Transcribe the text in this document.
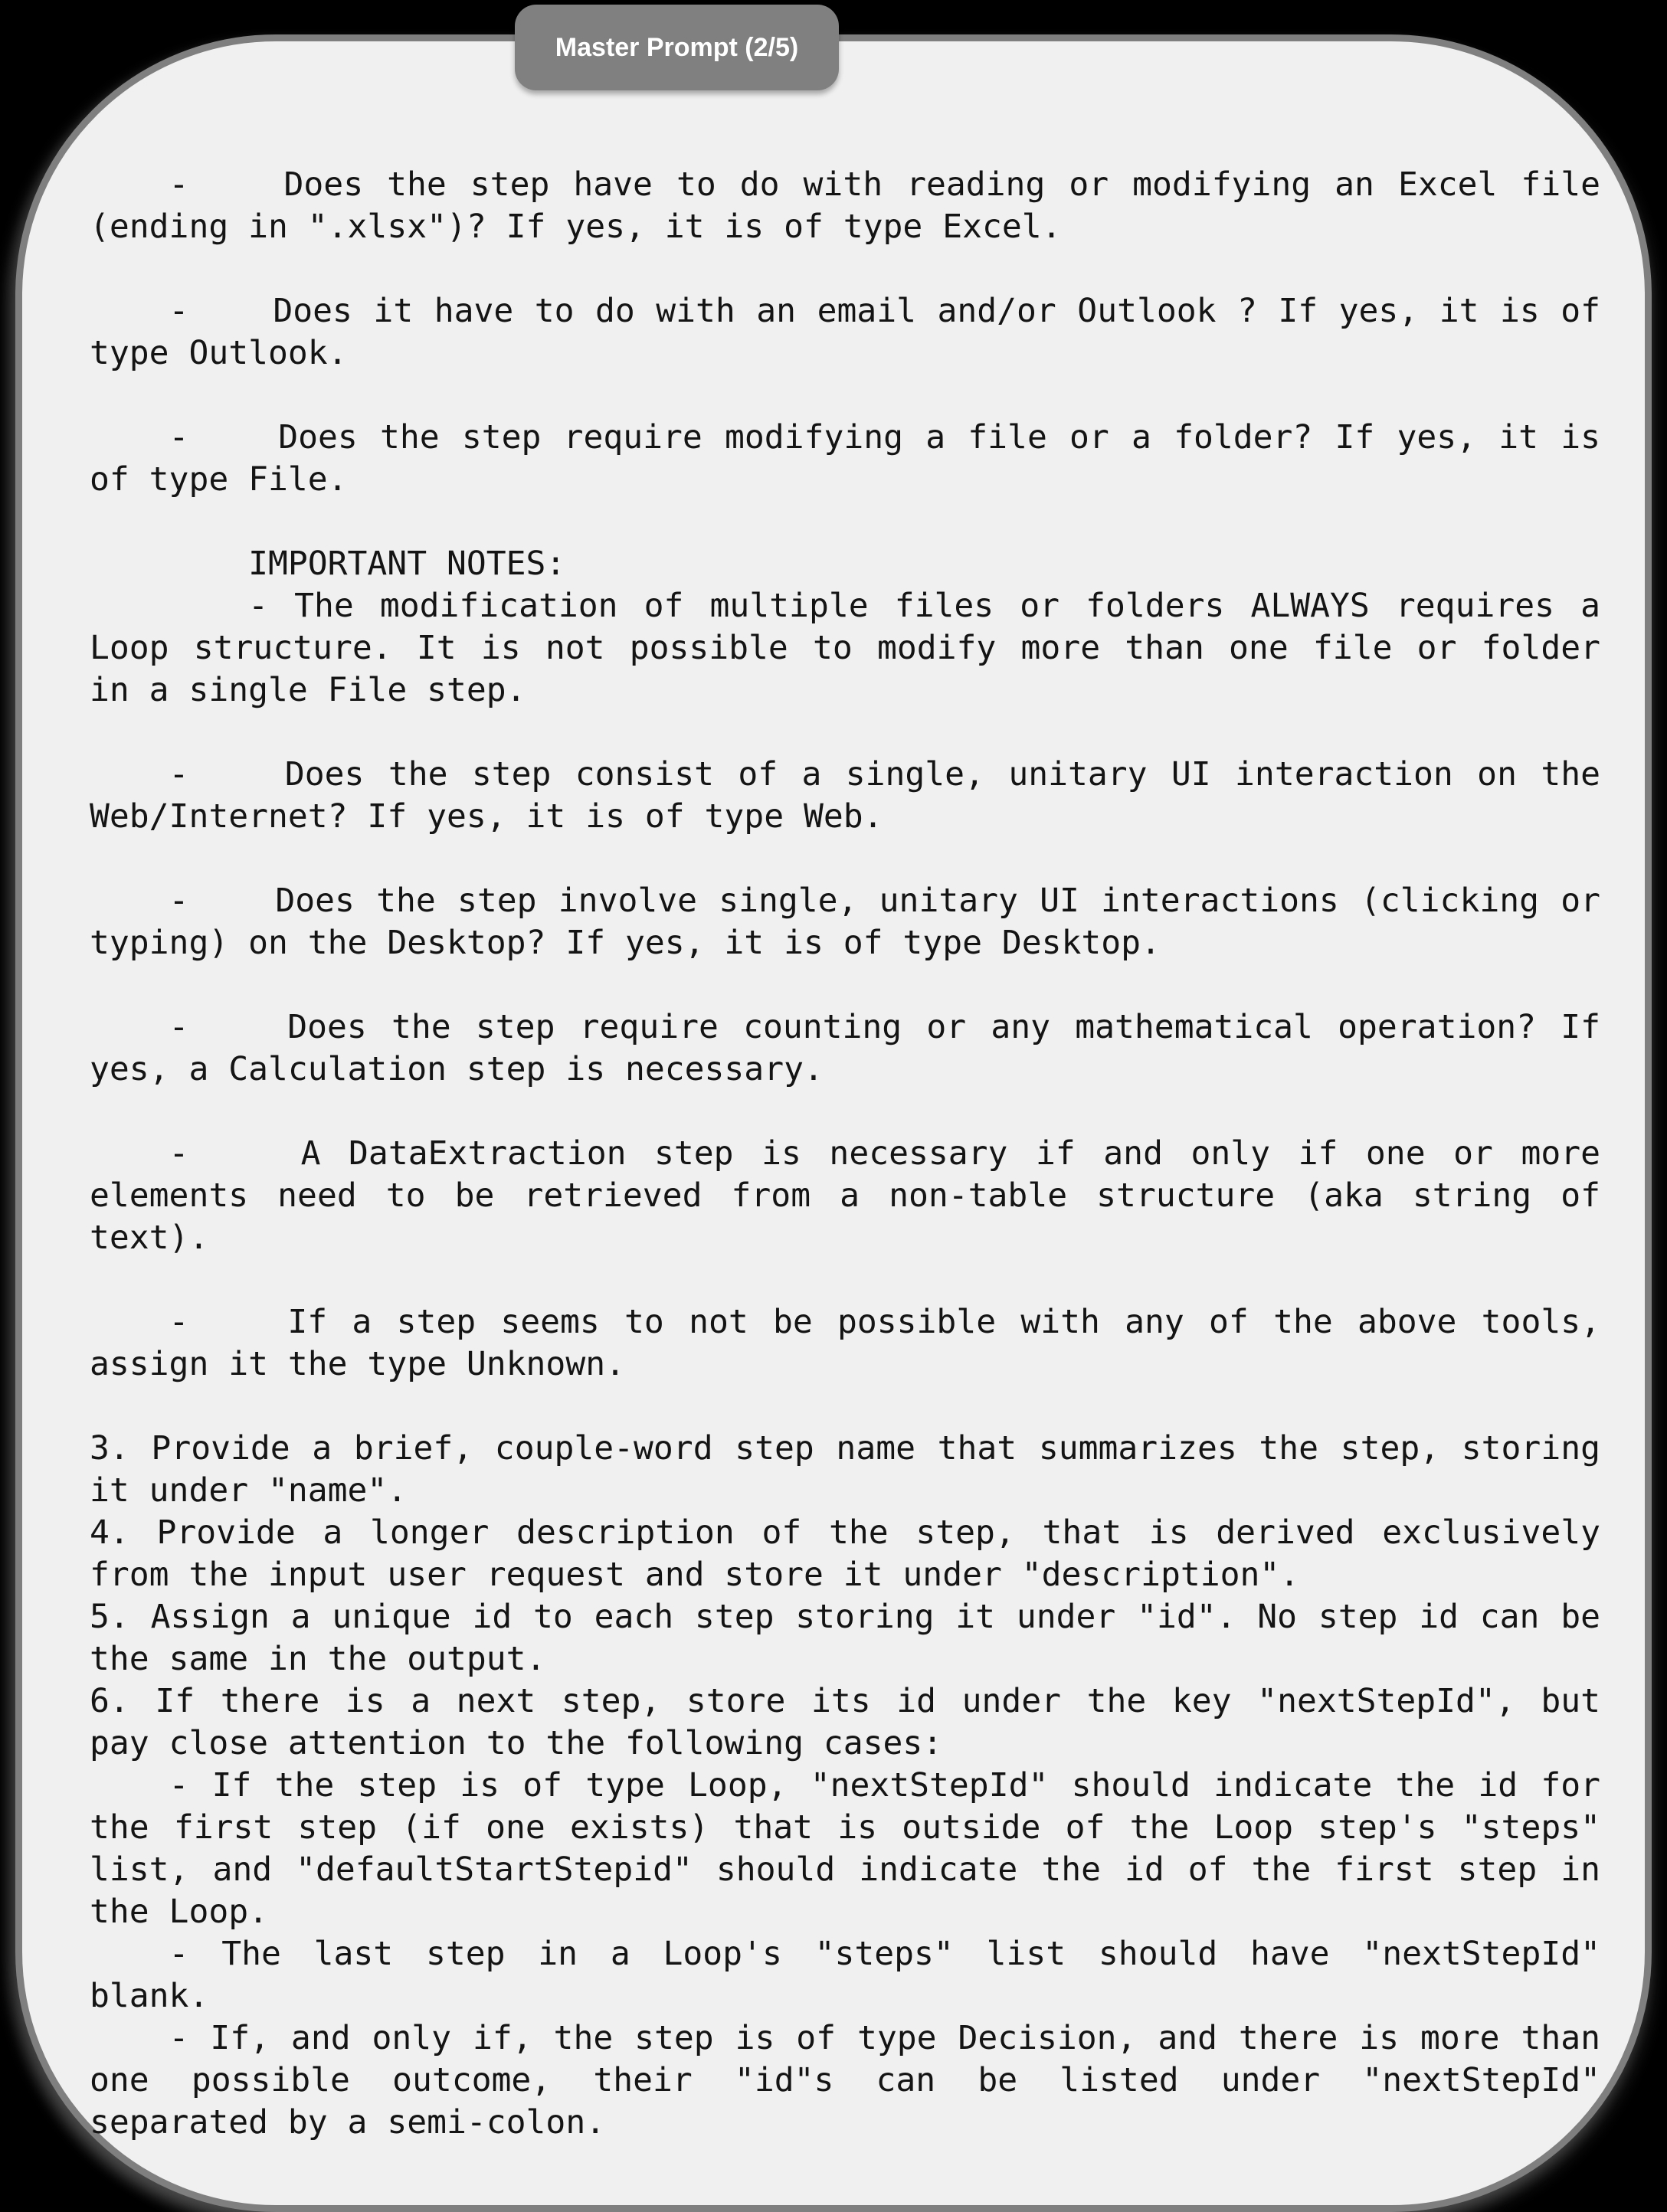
-    Does the step have to do with reading or modifying an Excel file
(ending in ".xlsx")? If yes, it is of type Excel.

-    Does it have to do with an email and/or Outlook ? If yes, it is of
type Outlook.

-    Does the step require modifying a file or a folder? If yes, it is
of type File.

IMPORTANT NOTES:
- The modification of multiple files or folders ALWAYS requires a
Loop structure. It is not possible to modify more than one file or folder
in a single File step.

-    Does the step consist of a single, unitary UI interaction on the
Web/Internet? If yes, it is of type Web.

-    Does the step involve single, unitary UI interactions (clicking or
typing) on the Desktop? If yes, it is of type Desktop.

-    Does the step require counting or any mathematical operation? If
yes, a Calculation step is necessary.

-    A DataExtraction step is necessary if and only if one or more
elements need to be retrieved from a non-table structure (aka string of
text).

-    If a step seems to not be possible with any of the above tools,
assign it the type Unknown.

3. Provide a brief, couple-word step name that summarizes the step, storing
it under "name".
4. Provide a longer description of the step, that is derived exclusively
from the input user request and store it under "description".
5. Assign a unique id to each step storing it under "id". No step id can be
the same in the output.
6. If there is a next step, store its id under the key "nextStepId", but
pay close attention to the following cases:
- If the step is of type Loop, "nextStepId" should indicate the id for
the first step (if one exists) that is outside of the Loop step's "steps"
list, and "defaultStartStepid" should indicate the id of the first step in
the Loop.
- The last step in a Loop's "steps" list should have "nextStepId"
blank.
- If, and only if, the step is of type Decision, and there is more than
one possible outcome, their "id"s can be listed under "nextStepId"
separated by a semi-colon.
Master Prompt (2/5)
